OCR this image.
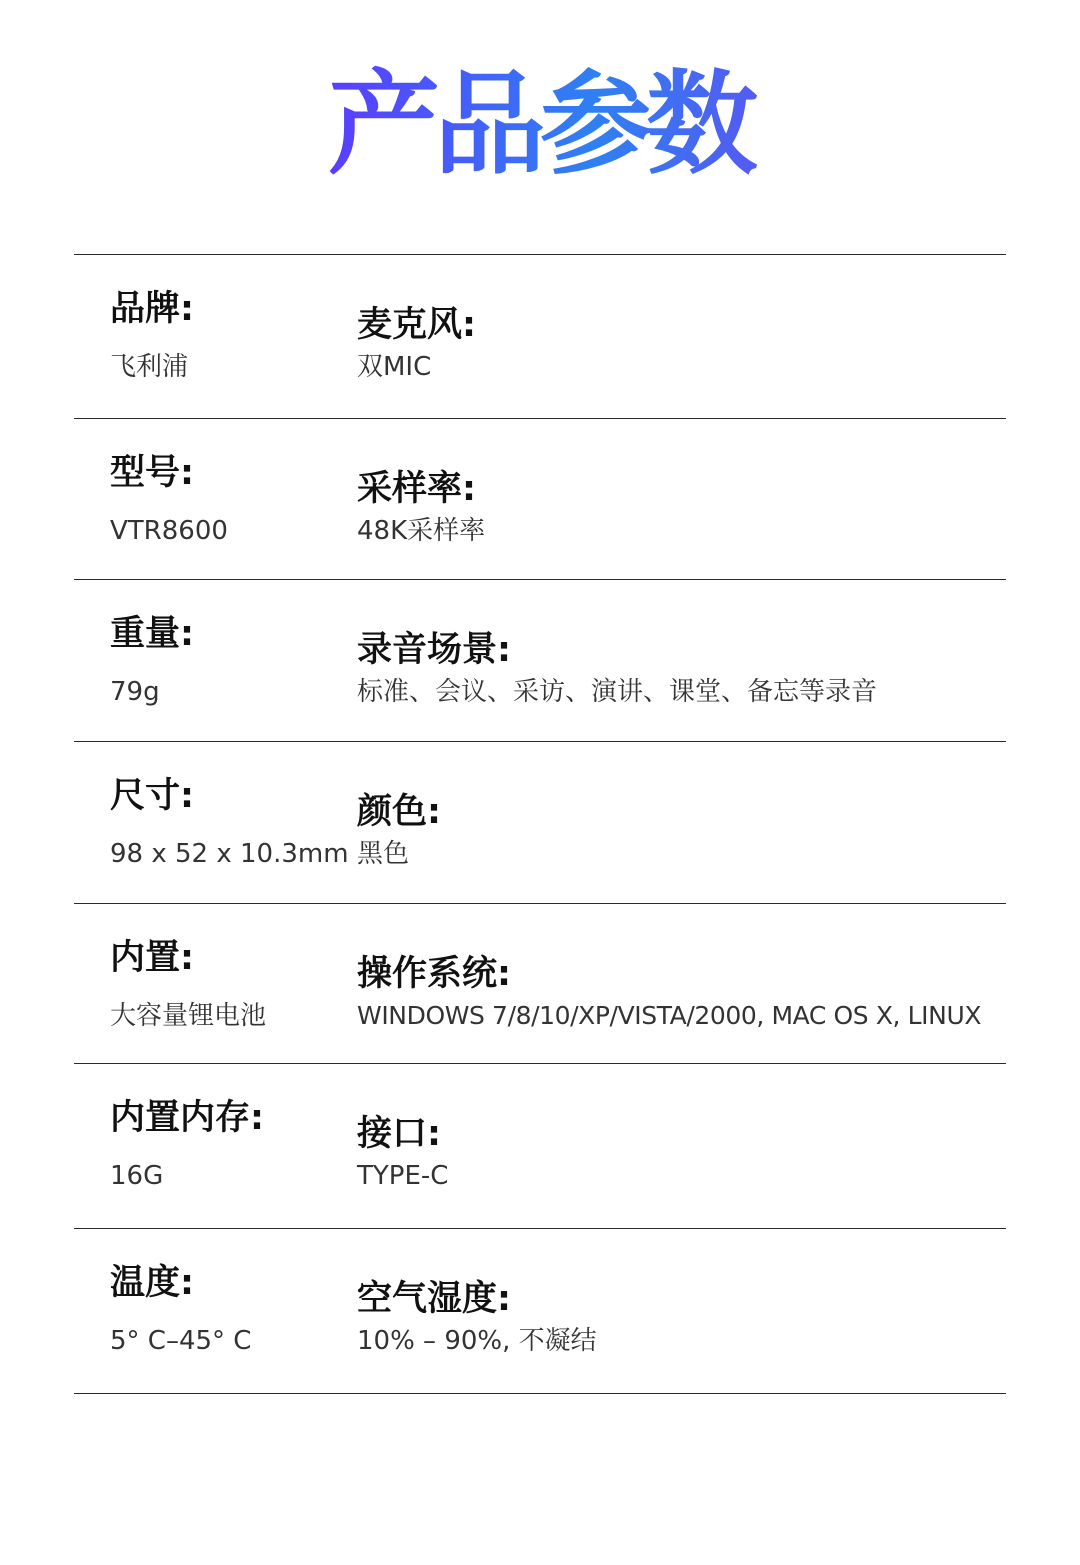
产品参数
品牌:
飞利浦
麦克风:
双MIC
型号:
VTR8600
采样率:
48K采样率
重量:
79g
录音场景:
标准、会议、采访、演讲、课堂、备忘等录音
尺寸:
98 x 52 x 10.3mm
颜色:
黑色
内置:
大容量锂电池
操作系统:
WINDOWS 7/8/10/XP/VISTA/2000, MAC OS X, LINUX
内置内存:
16G
接口:
TYPE-C
温度:
5° C–45° C
空气湿度:
10% – 90%, 不凝结
